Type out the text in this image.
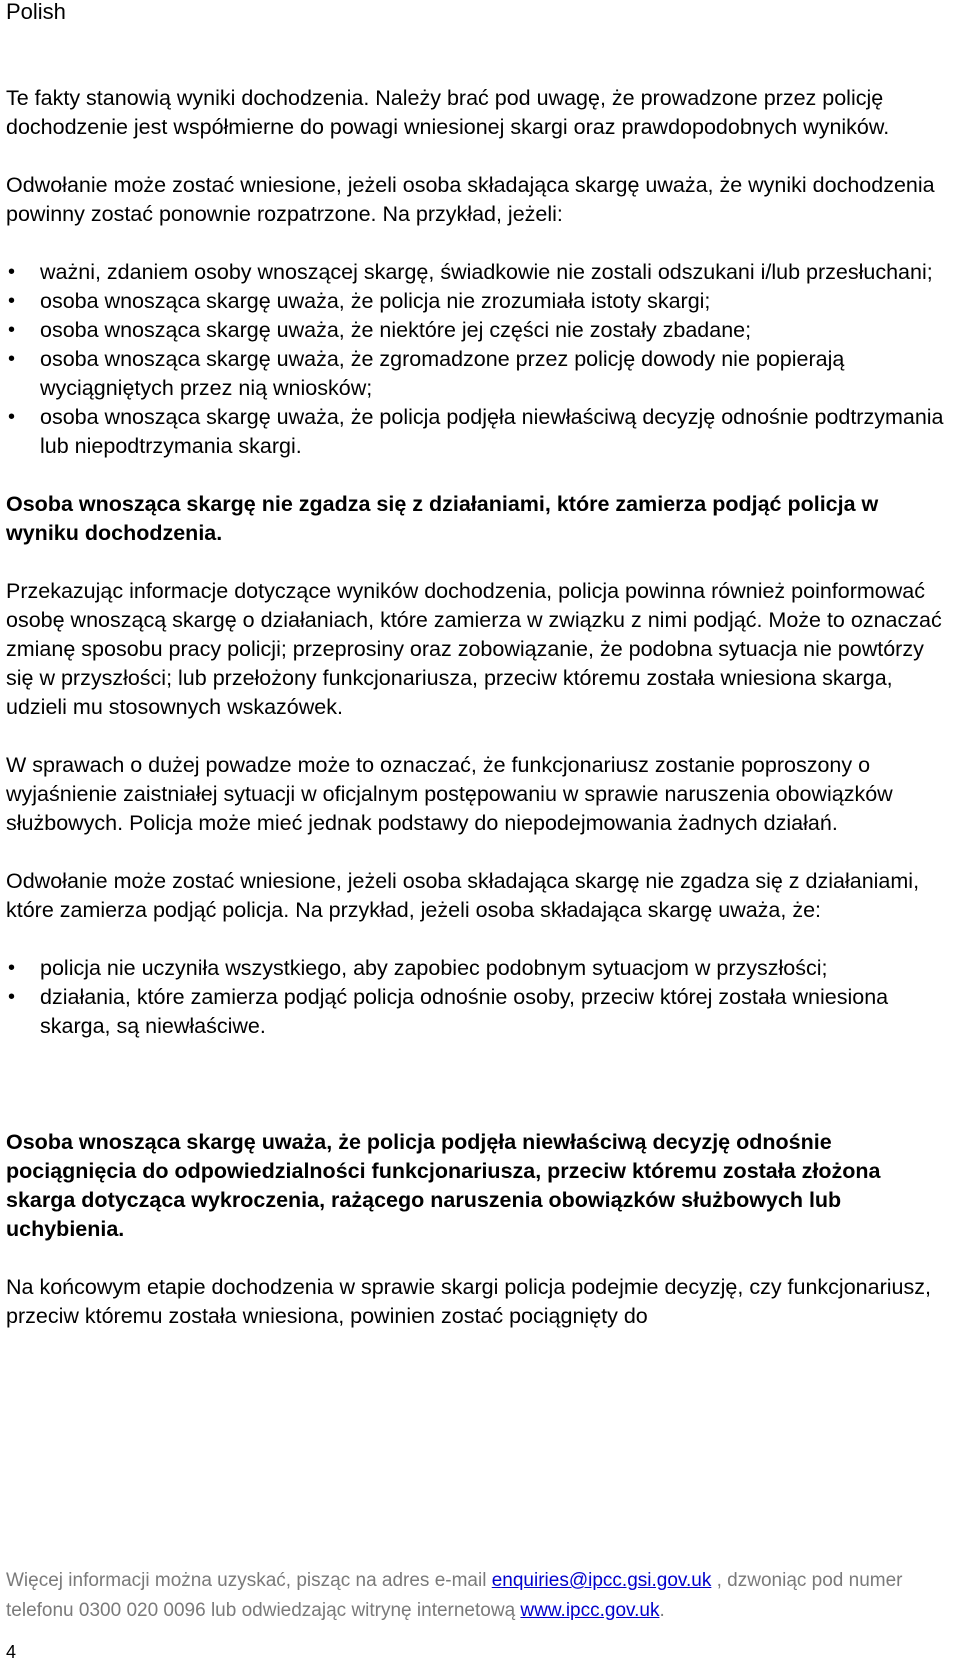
Polish

Te fakty stanowią wyniki dochodzenia. Należy brać pod uwagę, że prowadzone przez policję dochodzenie jest współmierne do powagi wniesionej skargi oraz prawdopodobnych wyników.

Odwołanie może zostać wniesione, jeżeli osoba składająca skargę uważa, że wyniki dochodzenia powinny zostać ponownie rozpatrzone. Na przykład, jeżeli:

• ważni, zdaniem osoby wnoszącej skargę, świadkowie nie zostali odszukani i/lub przesłuchani;
• osoba wnosząca skargę uważa, że policja nie zrozumiała istoty skargi;
• osoba wnosząca skargę uważa, że niektóre jej części nie zostały zbadane;
• osoba wnosząca skargę uważa, że zgromadzone przez policję dowody nie popierają wyciągniętych przez nią wniosków;
• osoba wnosząca skargę uważa, że policja podjęła niewłaściwą decyzję odnośnie podtrzymania lub niepodtrzymania skargi.

Osoba wnosząca skargę nie zgadza się z działaniami, które zamierza podjąć policja w wyniku dochodzenia.

Przekazując informacje dotyczące wyników dochodzenia, policja powinna również poinformować osobę wnoszącą skargę o działaniach, które zamierza w związku z nimi podjąć. Może to oznaczać zmianę sposobu pracy policji; przeprosiny oraz zobowiązanie, że podobna sytuacja nie powtórzy się w przyszłości; lub przełożony funkcjonariusza, przeciw któremu została wniesiona skarga, udzieli mu stosownych wskazówek.

W sprawach o dużej powadze może to oznaczać, że funkcjonariusz zostanie poproszony o wyjaśnienie zaistniałej sytuacji w oficjalnym postępowaniu w sprawie naruszenia obowiązków służbowych. Policja może mieć jednak podstawy do niepodejmowania żadnych działań.

Odwołanie może zostać wniesione, jeżeli osoba składająca skargę nie zgadza się z działaniami, które zamierza podjąć policja. Na przykład, jeżeli osoba składająca skargę uważa, że:

• policja nie uczyniła wszystkiego, aby zapobiec podobnym sytuacjom w przyszłości;
• działania, które zamierza podjąć policja odnośnie osoby, przeciw której została wniesiona skarga, są niewłaściwe.

Osoba wnosząca skargę uważa, że policja podjęła niewłaściwą decyzję odnośnie pociągnięcia do odpowiedzialności funkcjonariusza, przeciw któremu została złożona skarga dotycząca wykroczenia, rażącego naruszenia obowiązków służbowych lub uchybienia.

Na końcowym etapie dochodzenia w sprawie skargi policja podejmie decyzję, czy funkcjonariusz, przeciw któremu została wniesiona, powinien zostać pociągnięty do

Więcej informacji można uzyskać, pisząc na adres e-mail enquiries@ipcc.gsi.gov.uk , dzwoniąc pod numer telefonu 0300 020 0096 lub odwiedzając witrynę internetową www.ipcc.gov.uk.
4
